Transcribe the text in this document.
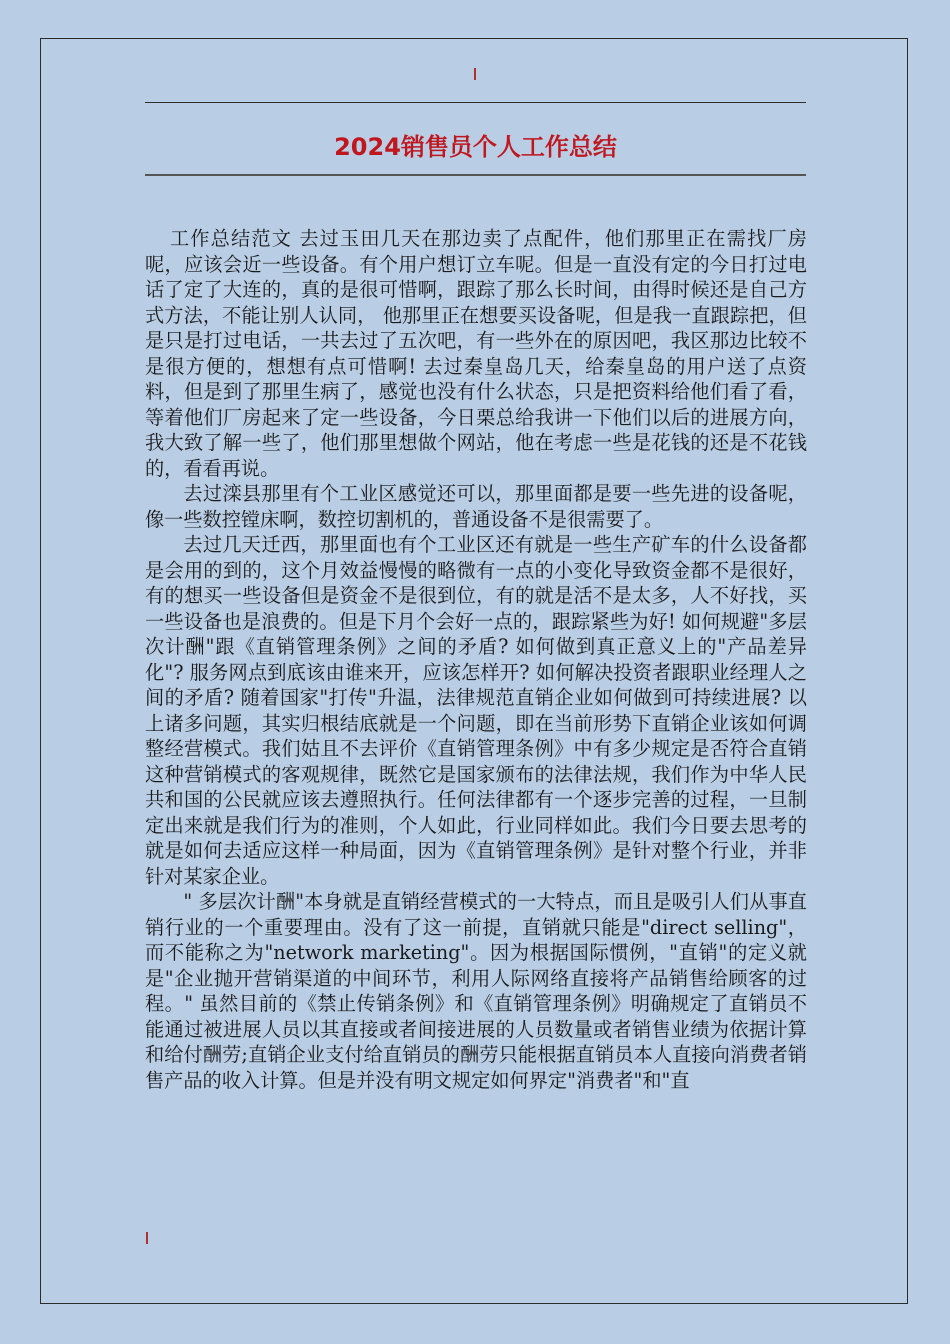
2024销售员个人工作总结

工作总结范文 去过玉田几天在那边卖了点配件，他们那里正在需找厂房呢，应该会近一些设备。有个用户想订立车呢。但是一直没有定的今日打过电话了定了大连的，真的是很可惜啊，跟踪了那么长时间，由得时候还是自己方式方法，不能让别人认同， 他那里正在想要买设备呢，但是我一直跟踪把，但是只是打过电话，一共去过了五次吧，有一些外在的原因吧，我区那边比较不是很方便的，想想有点可惜啊! 去过秦皇岛几天，给秦皇岛的用户送了点资料，但是到了那里生病了，感觉也没有什么状态，只是把资料给他们看了看，等着他们厂房起来了定一些设备，今日栗总给我讲一下他们以后的进展方向，我大致了解一些了，他们那里想做个网站，他在考虑一些是花钱的还是不花钱的，看看再说。

去过滦县那里有个工业区感觉还可以，那里面都是要一些先进的设备呢，像一些数控镗床啊，数控切割机的，普通设备不是很需要了。

去过几天迁西，那里面也有个工业区还有就是一些生产矿车的什么设备都是会用的到的，这个月效益慢慢的略微有一点的小变化导致资金都不是很好，有的想买一些设备但是资金不是很到位，有的就是活不是太多，人不好找，买一些设备也是浪费的。但是下月个会好一点的，跟踪紧些为好! 如何规避"多层次计酬"跟《直销管理条例》之间的矛盾? 如何做到真正意义上的"产品差异化"? 服务网点到底该由谁来开，应该怎样开? 如何解决投资者跟职业经理人之间的矛盾? 随着国家"打传"升温，法律规范直销企业如何做到可持续进展? 以上诸多问题，其实归根结底就是一个问题，即在当前形势下直销企业该如何调整经营模式。我们姑且不去评价《直销管理条例》中有多少规定是否符合直销这种营销模式的客观规律，既然它是国家颁布的法律法规，我们作为中华人民共和国的公民就应该去遵照执行。任何法律都有一个逐步完善的过程，一旦制定出来就是我们行为的准则，个人如此，行业同样如此。我们今日要去思考的就是如何去适应这样一种局面，因为《直销管理条例》是针对整个行业，并非针对某家企业。

" 多层次计酬"本身就是直销经营模式的一大特点，而且是吸引人们从事直销行业的一个重要理由。没有了这一前提，直销就只能是"direct selling"，而不能称之为"network marketing"。因为根据国际惯例，"直销"的定义就是"企业抛开营销渠道的中间环节，利用人际网络直接将产品销售给顾客的过程。" 虽然目前的《禁止传销条例》和《直销管理条例》明确规定了直销员不能通过被进展人员以其直接或者间接进展的人员数量或者销售业绩为依据计算和给付酬劳;直销企业支付给直销员的酬劳只能根据直销员本人直接向消费者销售产品的收入计算。但是并没有明文规定如何界定"消费者"和"直
